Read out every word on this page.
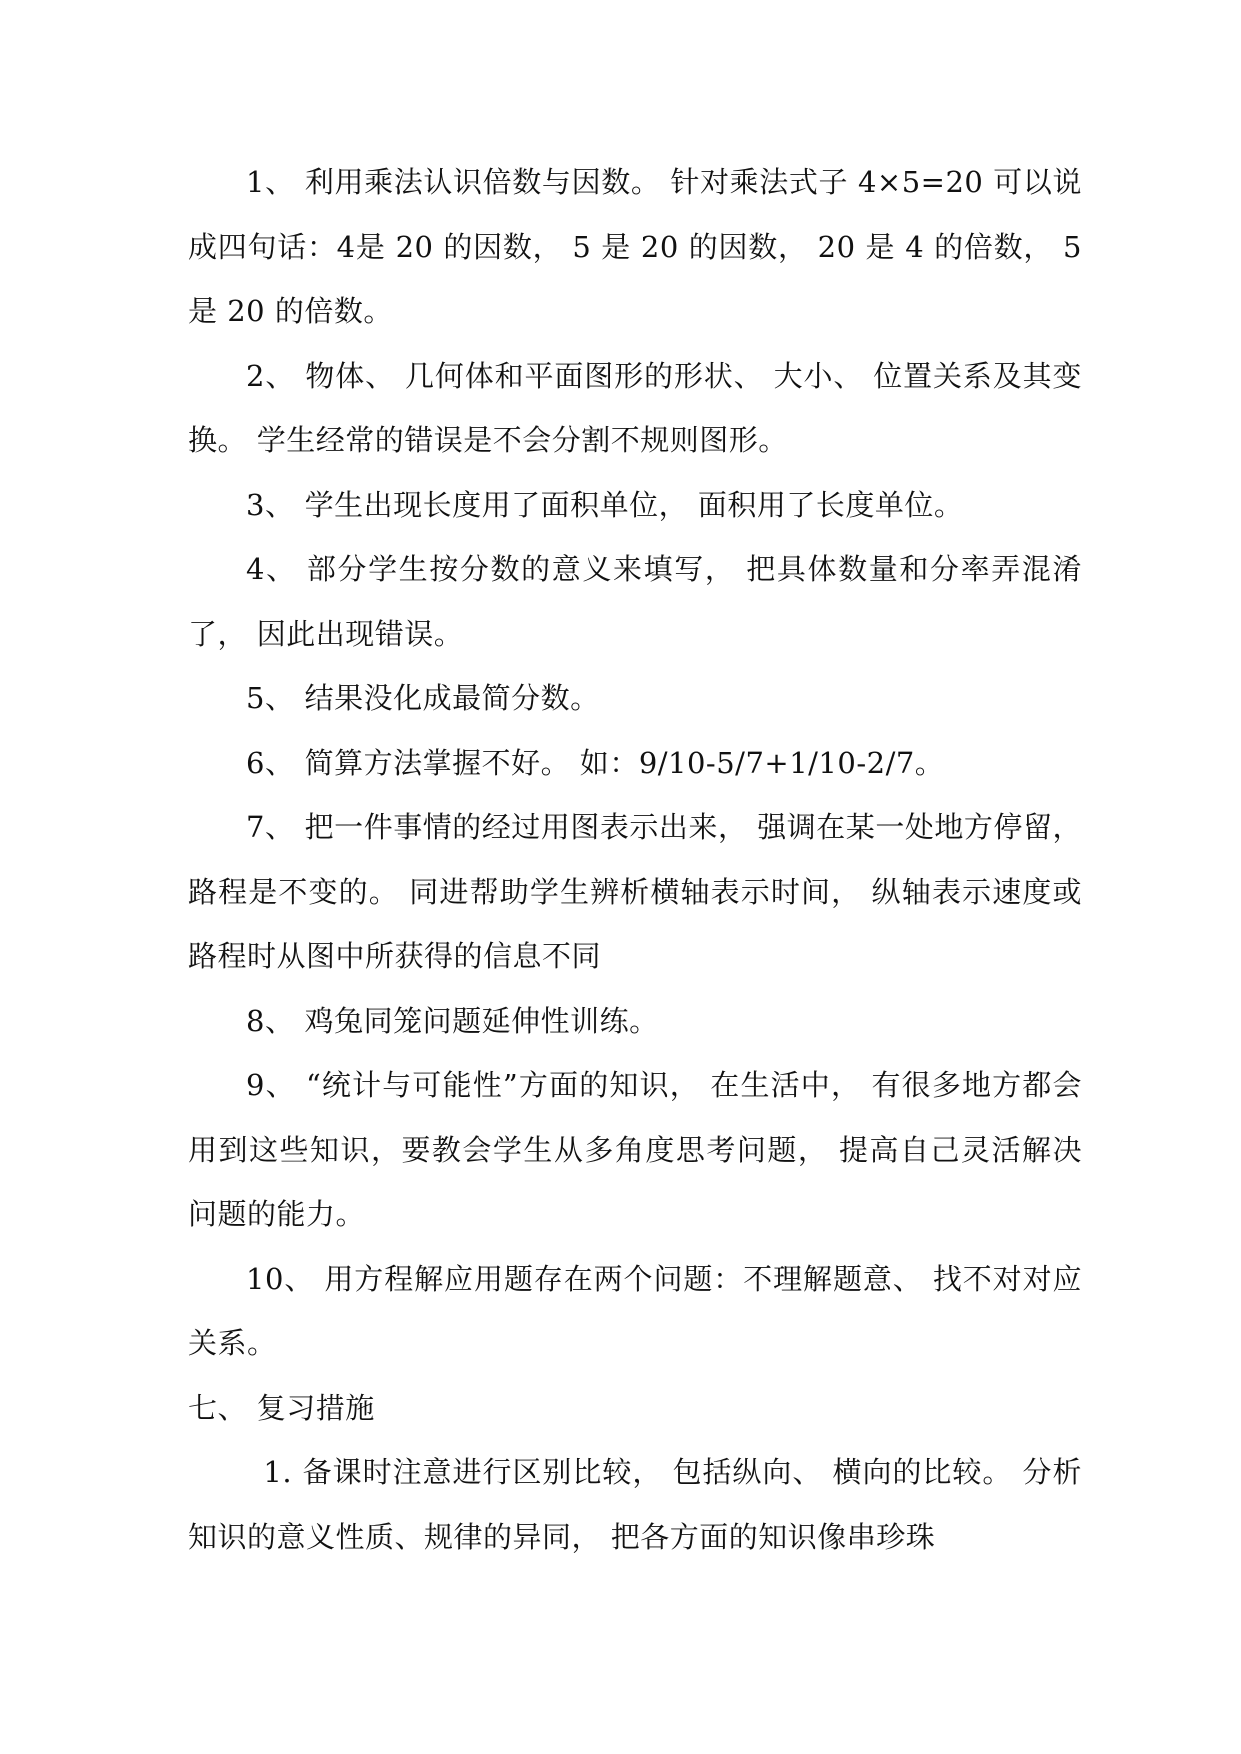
1、 利用乘法认识倍数与因数。 针对乘法式子 4×5=20 可以说成四句话：4是 20 的因数， 5 是 20 的因数， 20 是 4 的倍数， 5 是 20 的倍数。

2、 物体、 几何体和平面图形的形状、 大小、 位置关系及其变换。 学生经常的错误是不会分割不规则图形。

3、 学生出现长度用了面积单位， 面积用了长度单位。

4、 部分学生按分数的意义来填写， 把具体数量和分率弄混淆了， 因此出现错误。

5、 结果没化成最简分数。

6、 简算方法掌握不好。 如：9/10-5/7+1/10-2/7。

7、 把一件事情的经过用图表示出来， 强调在某一处地方停留， 路程是不变的。 同进帮助学生辨析横轴表示时间， 纵轴表示速度或路程时从图中所获得的信息不同

8、 鸡兔同笼问题延伸性训练。

9、 “统计与可能性”方面的知识， 在生活中， 有很多地方都会用到这些知识，要教会学生从多角度思考问题， 提高自己灵活解决问题的能力。

10、 用方程解应用题存在两个问题：不理解题意、 找不对对应关系。

七、 复习措施

1. 备课时注意进行区别比较， 包括纵向、 横向的比较。 分析知识的意义性质、规律的异同， 把各方面的知识像串珍珠
